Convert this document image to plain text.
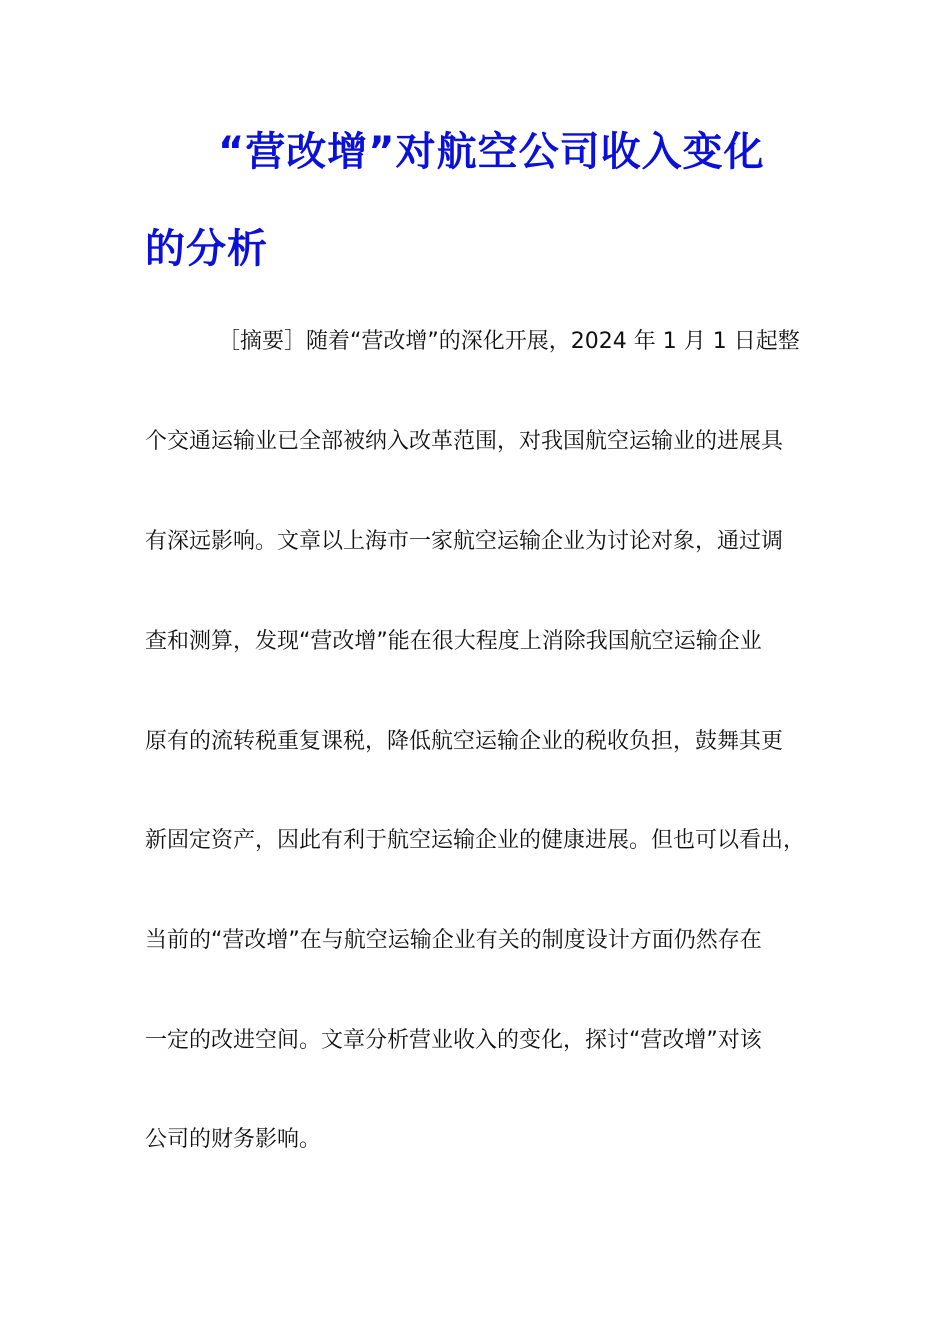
“营改增”对航空公司收入变化
的分析
［摘要］随着“营改增”的深化开展，2024 年 1 月 1 日起整
个交通运输业已全部被纳入改革范围，对我国航空运输业的进展具
有深远影响。文章以上海市一家航空运输企业为讨论对象，通过调
查和测算，发现“营改增”能在很大程度上消除我国航空运输企业
原有的流转税重复课税，降低航空运输企业的税收负担，鼓舞其更
新固定资产，因此有利于航空运输企业的健康进展。但也可以看出，
当前的“营改增”在与航空运输企业有关的制度设计方面仍然存在
一定的改进空间。文章分析营业收入的变化，探讨“营改增”对该
公司的财务影响。
